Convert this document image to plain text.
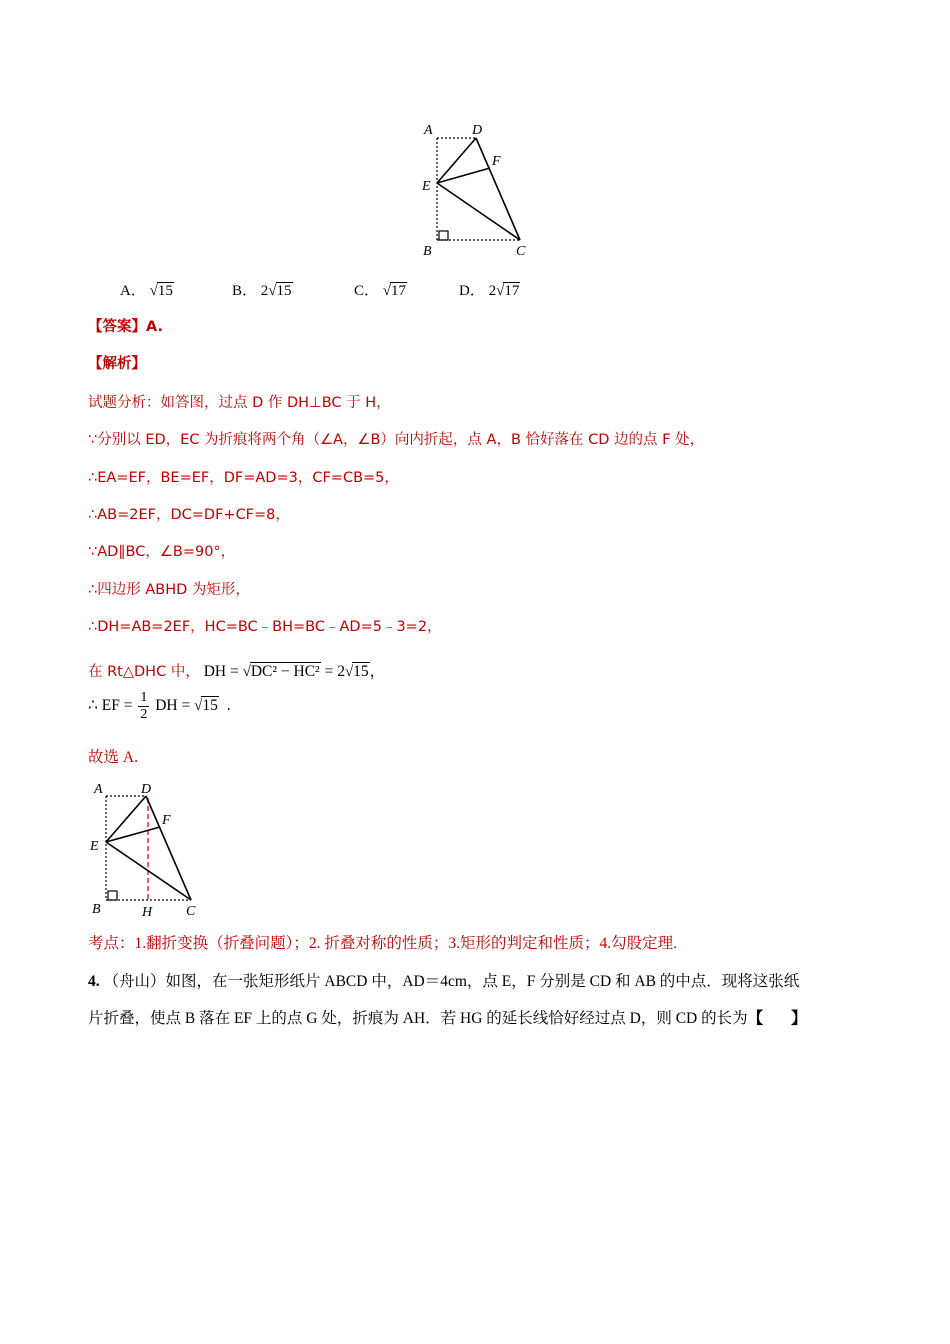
A	D
F
E
B	C
A． √15	B． 2√15	C． √17	D． 2√17
【答案】A.
【解析】
试题分析：如答图，过点 D 作 DH⊥BC 于 H，
∵分别以 ED，EC 为折痕将两个角（∠A，∠B）向内折起，点 A，B 恰好落在 CD 边的点 F 处，
∴EA=EF，BE=EF，DF=AD=3，CF=CB=5，
∴AB=2EF，DC=DF+CF=8，
∵AD∥BC，∠B=90°，
∴四边形 ABHD 为矩形，
∴DH=AB=2EF，HC=BC﹣BH=BC﹣AD=5﹣3=2，
在 Rt△DHC 中， DH = √DC² − HC² = 2√15，
∴ EF = $\frac{1}{2}$ DH = √15 .
故选 A.
A	D
F
E
B	H C
考点：1.翻折变换（折叠问题）；2. 折叠对称的性质；3.矩形的判定和性质；4.勾股定理.
4. （舟山）如图，在一张矩形纸片 ABCD 中，AD＝4cm，点 E，F 分别是 CD 和 AB 的中点．现将这张纸
片折叠，使点 B 落在 EF 上的点 G 处，折痕为 AH．若 HG 的延长线恰好经过点 D，则 CD 的长为【 】
